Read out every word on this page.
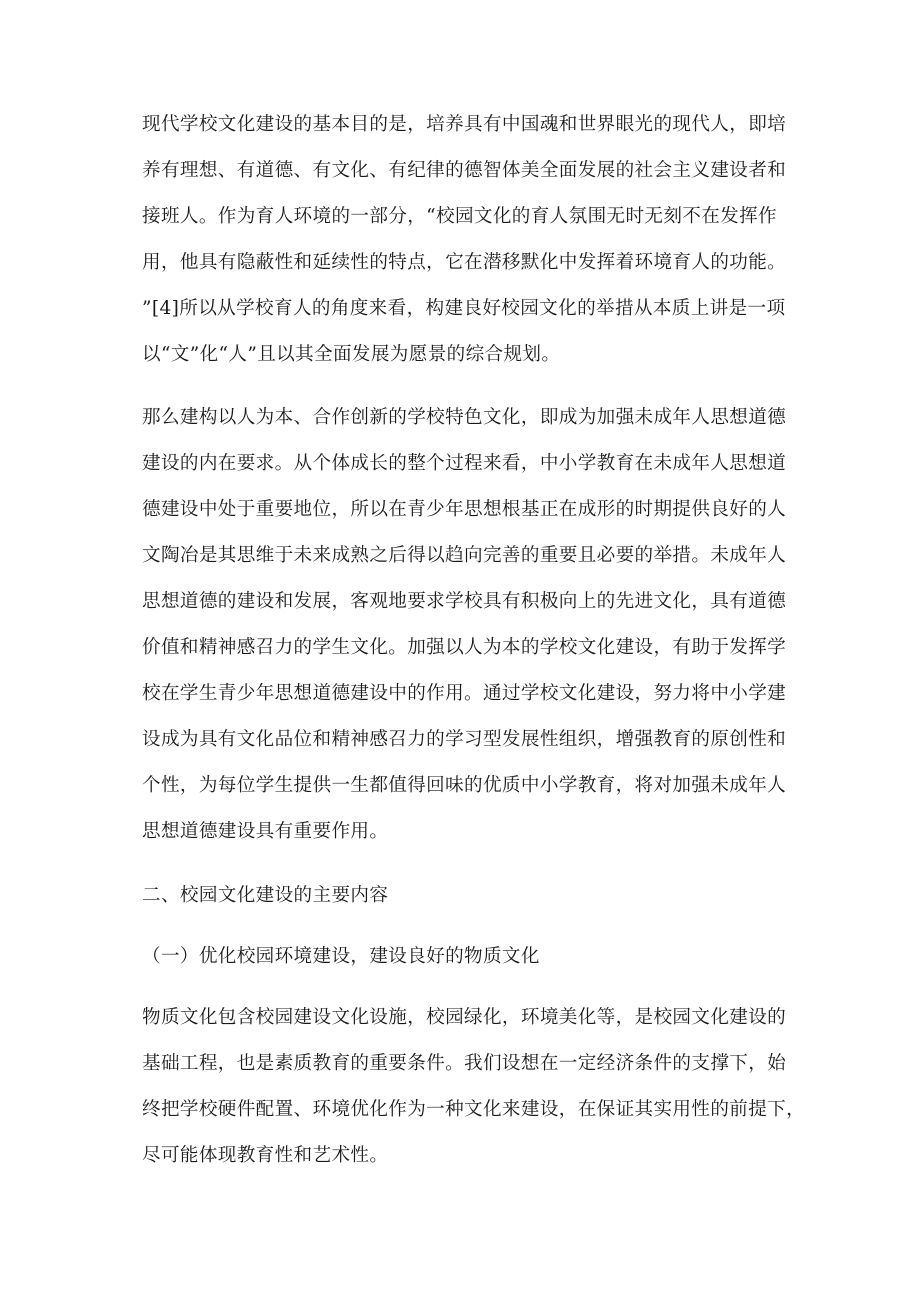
现代学校文化建设的基本目的是，培养具有中国魂和世界眼光的现代人，即培
养有理想、有道德、有文化、有纪律的德智体美全面发展的社会主义建设者和
接班人。作为育人环境的一部分，“校园文化的育人氛围无时无刻不在发挥作
用，他具有隐蔽性和延续性的特点，它在潜移默化中发挥着环境育人的功能。
”[4]所以从学校育人的角度来看，构建良好校园文化的举措从本质上讲是一项
以“文”化“人”且以其全面发展为愿景的综合规划。
那么建构以人为本、合作创新的学校特色文化，即成为加强未成年人思想道德
建设的内在要求。从个体成长的整个过程来看，中小学教育在未成年人思想道
德建设中处于重要地位，所以在青少年思想根基正在成形的时期提供良好的人
文陶冶是其思维于未来成熟之后得以趋向完善的重要且必要的举措。未成年人
思想道德的建设和发展，客观地要求学校具有积极向上的先进文化，具有道德
价值和精神感召力的学生文化。加强以人为本的学校文化建设，有助于发挥学
校在学生青少年思想道德建设中的作用。通过学校文化建设，努力将中小学建
设成为具有文化品位和精神感召力的学习型发展性组织，增强教育的原创性和
个性，为每位学生提供一生都值得回味的优质中小学教育，将对加强未成年人
思想道德建设具有重要作用。
二、校园文化建设的主要内容
（一）优化校园环境建设，建设良好的物质文化
物质文化包含校园建设文化设施，校园绿化，环境美化等，是校园文化建设的
基础工程，也是素质教育的重要条件。我们设想在一定经济条件的支撑下，始
终把学校硬件配置、环境优化作为一种文化来建设，在保证其实用性的前提下，
尽可能体现教育性和艺术性。
